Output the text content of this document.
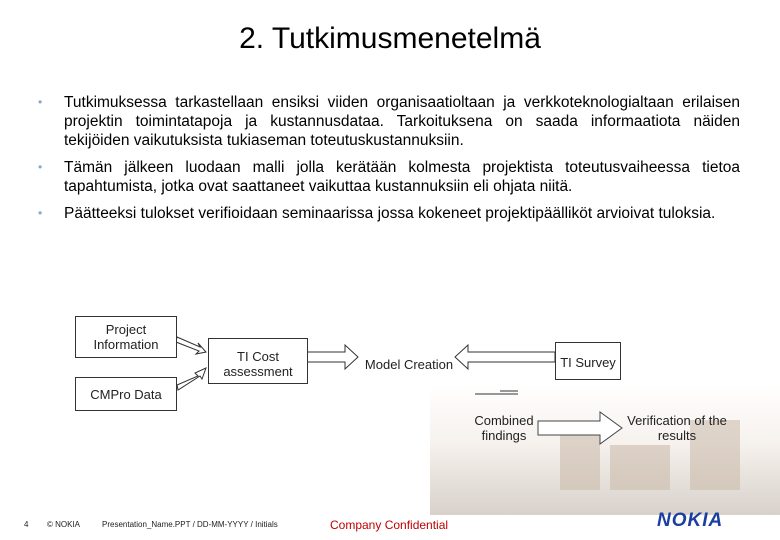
2. Tutkimusmenetelmä
• Tutkimuksessa tarkastellaan ensiksi viiden organisaatioltaan ja verkkoteknologialtaan erilaisen projektin toimintatapoja ja kustannusdataa. Tarkoituksena on saada informaatiota näiden tekijöiden vaikutuksista tukiaseman toteutuskustannuksiin.
• Tämän jälkeen luodaan malli jolla kerätään kolmesta projektista toteutusvaiheessa tietoa tapahtumista, jotka ovat saattaneet vaikuttaa kustannuksiin eli ohjata niitä.
• Päätteeksi tulokset verifioidaan seminaarissa jossa kokeneet projektipäälliköt arvioivat tuloksia.
Project Information
CMPro Data
TI Cost assessment	Model Creation	TI Survey
Combined findings
Verification of the results
4 © NOKIA	Presentation_Name.PPT / DD-MM-YYYY / Initials	Company Confidential	NOKIA
